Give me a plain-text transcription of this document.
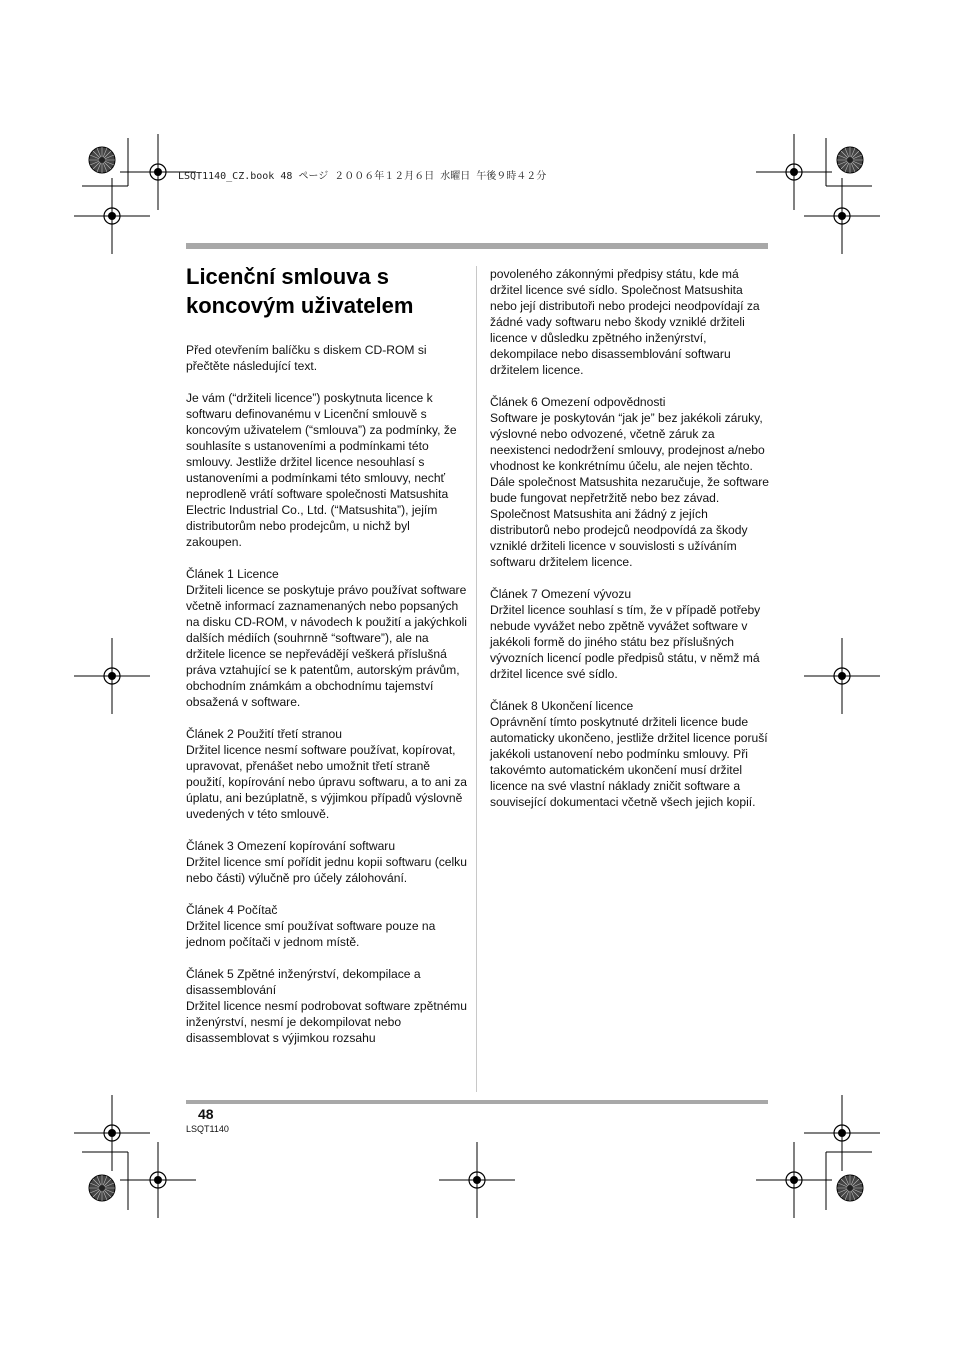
LSQT1140_CZ.book 48 ページ ２００６年１２月６日 水曜日 午後９時４２分
Licenční smlouva s koncovým uživatelem

Před otevřením balíčku s diskem CD-ROM si přečtěte následující text.

Je vám (“držiteli licence”) poskytnuta licence k softwaru definovanému v Licenční smlouvě s koncovým uživatelem (“smlouva”) za podmínky, že souhlasíte s ustanoveními a podmínkami této smlouvy. Jestliže držitel licence nesouhlasí s ustanoveními a podmínkami této smlouvy, nechť neprodleně vrátí software společnosti Matsushita Electric Industrial Co., Ltd. (“Matsushita”), jejím distributorům nebo prodejcům, u nichž byl zakoupen.

Článek 1 Licence
Držiteli licence se poskytuje právo používat software včetně informací zaznamenaných nebo popsaných na disku CD-ROM, v návodech k použití a jakýchkoli dalších médiích (souhrnně “software”), ale na držitele licence se nepřevádějí veškerá příslušná práva vztahující se k patentům, autorským právům, obchodním známkám a obchodnímu tajemství obsažená v software.

Článek 2 Použití třetí stranou
Držitel licence nesmí software používat, kopírovat, upravovat, přenášet nebo umožnit třetí straně použití, kopírování nebo úpravu softwaru, a to ani za úplatu, ani bezúplatně, s výjimkou případů výslovně uvedených v této smlouvě.

Článek 3 Omezení kopírování softwaru
Držitel licence smí pořídit jednu kopii softwaru (celku nebo části) výlučně pro účely zálohování.

Článek 4 Počítač
Držitel licence smí používat software pouze na jednom počítači v jednom místě.

Článek 5 Zpětné inženýrství, dekompilace a disassemblování
Držitel licence nesmí podrobovat software zpětnému inženýrství, nesmí je dekompilovat nebo disassemblovat s výjimkou rozsahu

povoleného zákonnými předpisy státu, kde má držitel licence své sídlo. Společnost Matsushita nebo její distributoři nebo prodejci neodpovídají za žádné vady softwaru nebo škody vzniklé držiteli licence v důsledku zpětného inženýrství, dekompilace nebo disassemblování softwaru držitelem licence.

Článek 6 Omezení odpovědnosti
Software je poskytován “jak je” bez jakékoli záruky, výslovné nebo odvozené, včetně záruk za neexistenci nedodržení smlouvy, prodejnost a/nebo vhodnost ke konkrétnímu účelu, ale nejen těchto. Dále společnost Matsushita nezaručuje, že software bude fungovat nepřetržitě nebo bez závad. Společnost Matsushita ani žádný z jejích distributorů nebo prodejců neodpovídá za škody vzniklé držiteli licence v souvislosti s užíváním softwaru držitelem licence.

Článek 7 Omezení vývozu
Držitel licence souhlasí s tím, že v případě potřeby nebude vyvážet nebo zpětně vyvážet software v jakékoli formě do jiného státu bez příslušných vývozních licencí podle předpisů státu, v němž má držitel licence své sídlo.

Článek 8 Ukončení licence
Oprávnění tímto poskytnuté držiteli licence bude automaticky ukončeno, jestliže držitel licence poruší jakékoli ustanovení nebo podmínku smlouvy. Při takovémto automatickém ukončení musí držitel licence na své vlastní náklady zničit software a související dokumentaci včetně všech jejich kopií.

48
LSQT1140
